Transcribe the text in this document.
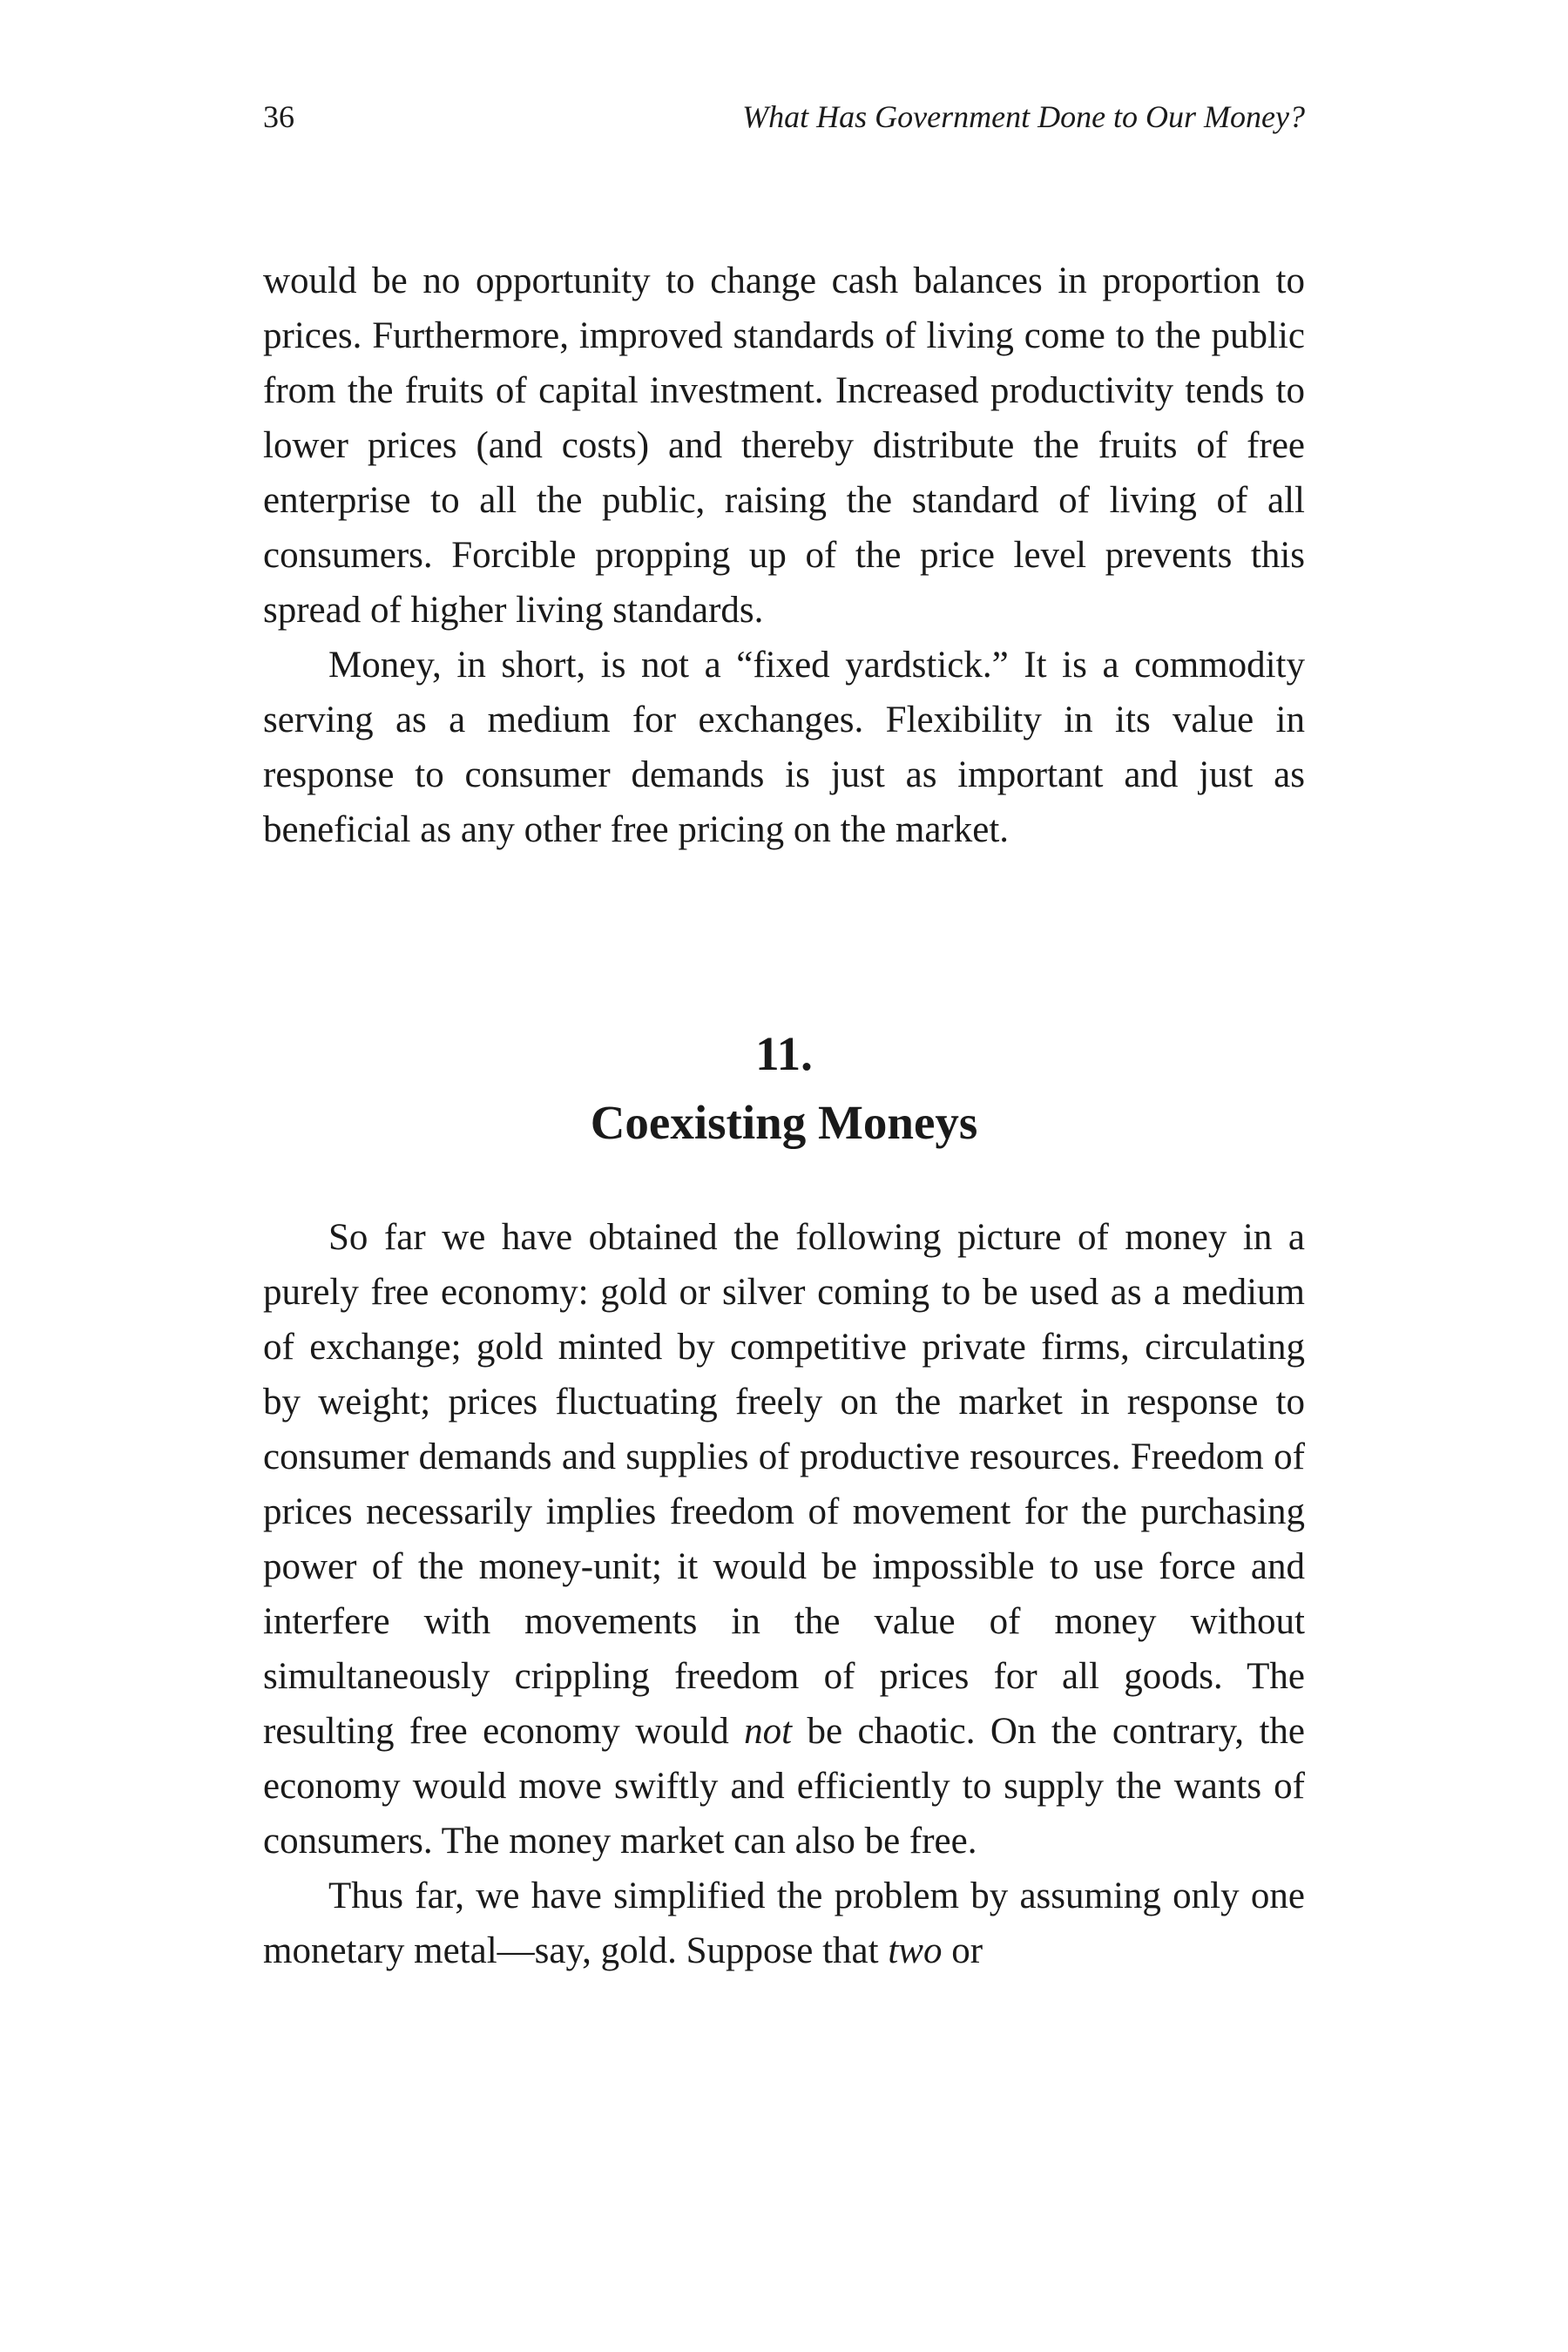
36	What Has Government Done to Our Money?

would be no opportunity to change cash balances in proportion to prices. Furthermore, improved standards of living come to the public from the fruits of capital investment. Increased productivity tends to lower prices (and costs) and thereby distribute the fruits of free enterprise to all the public, raising the standard of living of all consumers. Forcible propping up of the price level prevents this spread of higher living standards.

Money, in short, is not a “fixed yardstick.” It is a commodity serving as a medium for exchanges. Flexibility in its value in response to consumer demands is just as important and just as beneficial as any other free pricing on the market.

11.
Coexisting Moneys

So far we have obtained the following picture of money in a purely free economy: gold or silver coming to be used as a medium of exchange; gold minted by competitive private firms, circulating by weight; prices fluctuating freely on the market in response to consumer demands and supplies of productive resources. Freedom of prices necessarily implies freedom of movement for the purchasing power of the money-unit; it would be impossible to use force and interfere with movements in the value of money without simultaneously crippling freedom of prices for all goods. The resulting free economy would not be chaotic. On the contrary, the economy would move swiftly and efficiently to supply the wants of consumers. The money market can also be free.

Thus far, we have simplified the problem by assuming only one monetary metal—say, gold. Suppose that two or
